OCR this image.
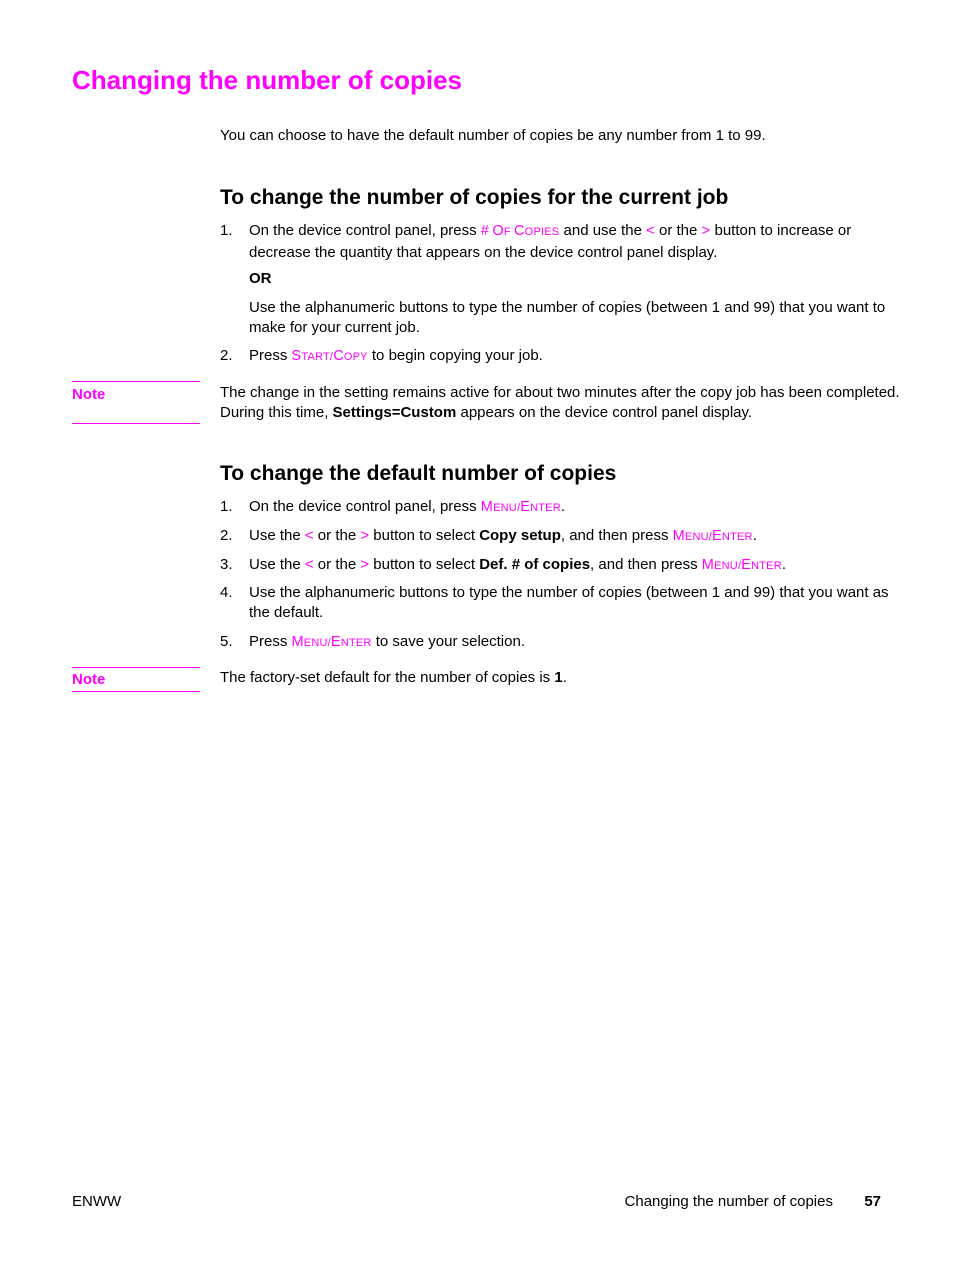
Changing the number of copies

You can choose to have the default number of copies be any number from 1 to 99.

To change the number of copies for the current job
1. On the device control panel, press # OF COPIES and use the < or the > button to increase or decrease the quantity that appears on the device control panel display.

OR

Use the alphanumeric buttons to type the number of copies (between 1 and 99) that you want to make for your current job.

2. Press START/COPY to begin copying your job.
Note	The change in the setting remains active for about two minutes after the copy job has been completed. During this time, Settings=Custom appears on the device control panel display.

To change the default number of copies
1. On the device control panel, press MENU/ENTER.
2. Use the < or the > button to select Copy setup, and then press MENU/ENTER.
3. Use the < or the > button to select Def. # of copies, and then press MENU/ENTER.
4. Use the alphanumeric buttons to type the number of copies (between 1 and 99) that you want as the default.
5. Press MENU/ENTER to save your selection.
Note	The factory-set default for the number of copies is 1.

ENWW	Changing the number of copies 57
